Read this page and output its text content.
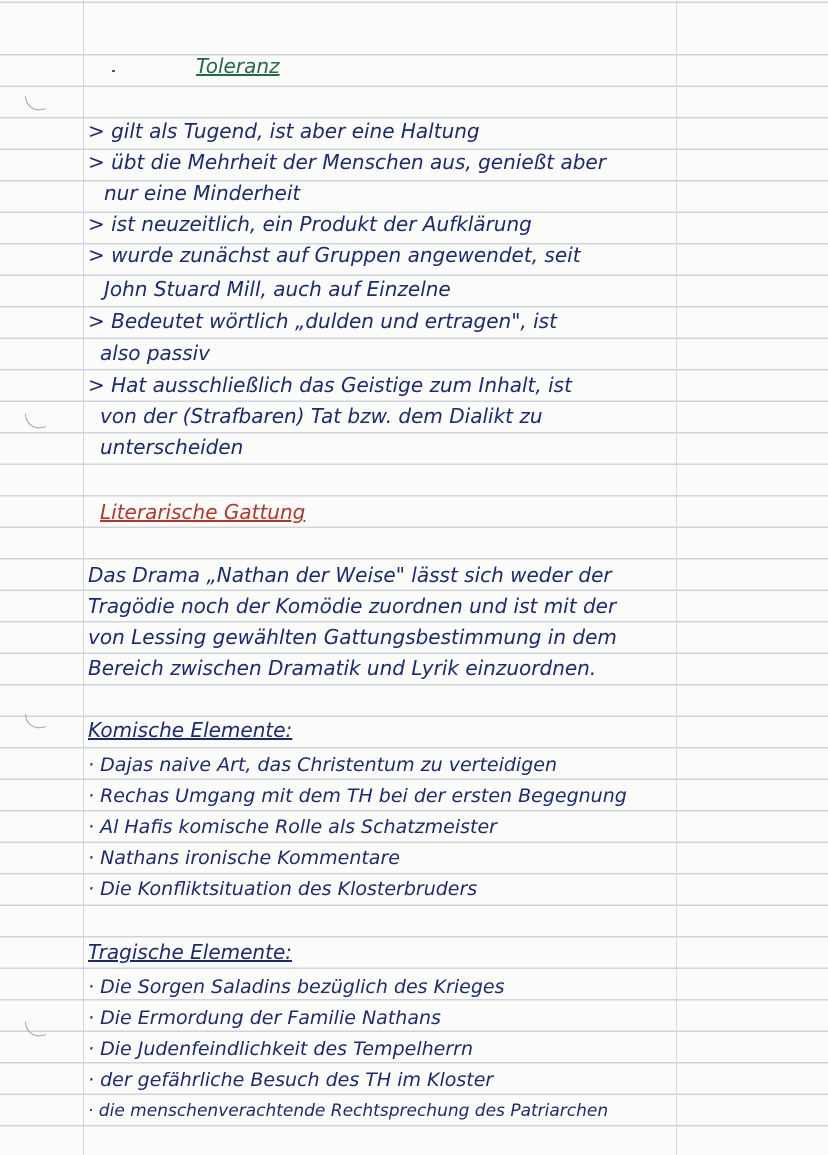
Toleranz
> gilt als Tugend, ist aber eine Haltung
> übt die Mehrheit der Menschen aus, genießt aber
nur eine Minderheit
> ist neuzeitlich, ein Produkt der Aufklärung
> wurde zunächst auf Gruppen angewendet, seit
John Stuard Mill, auch auf Einzelne
> Bedeutet wörtlich „dulden und ertragen", ist
also passiv
> Hat ausschließlich das Geistige zum Inhalt, ist
von der (Strafbaren) Tat bzw. dem Dialikt zu
unterscheiden
Literarische Gattung
Das Drama „Nathan der Weise" lässt sich weder der
Tragödie noch der Komödie zuordnen und ist mit der
von Lessing gewählten Gattungsbestimmung in dem
Bereich zwischen Dramatik und Lyrik einzuordnen.
Komische Elemente:
· Dajas naive Art, das Christentum zu verteidigen
· Rechas Umgang mit dem TH bei der ersten Begegnung
· Al Hafis komische Rolle als Schatzmeister
· Nathans ironische Kommentare
· Die Konfliktsituation des Klosterbruders
Tragische Elemente:
· Die Sorgen Saladins bezüglich des Krieges
· Die Ermordung der Familie Nathans
· Die Judenfeindlichkeit des Tempelherrn
· der gefährliche Besuch des TH im Kloster
· die menschenverachtende Rechtsprechung des Patriarchen
